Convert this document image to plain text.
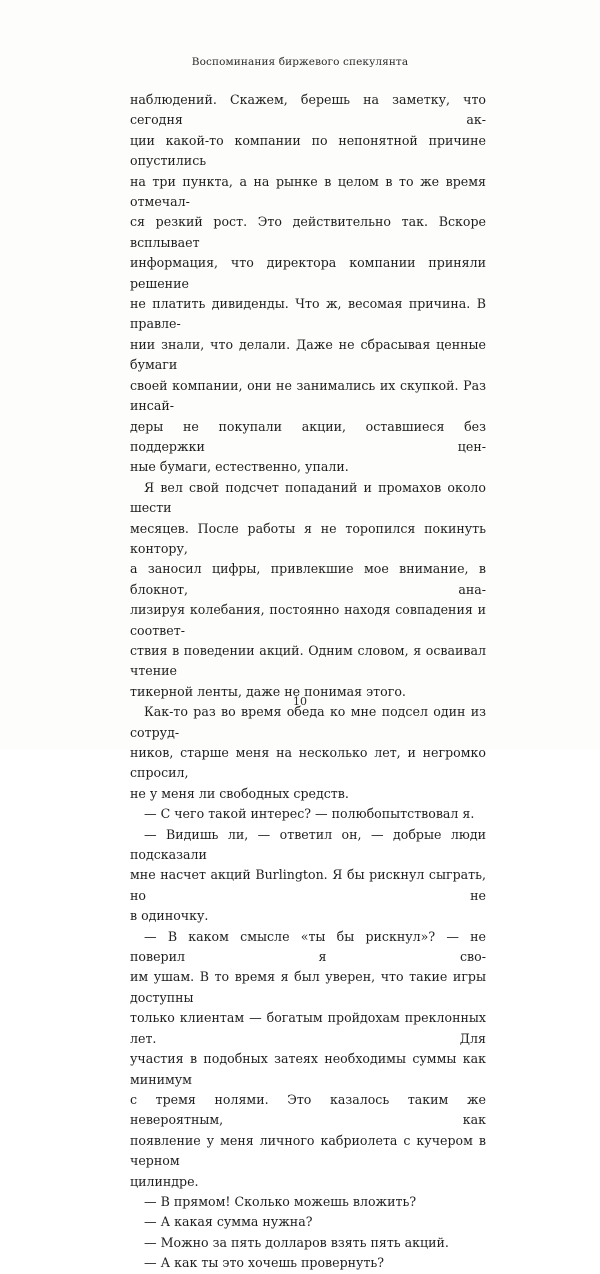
Воспоминания биржевого спекулянта

наблюдений. Скажем, берешь на заметку, что сегодня ак-

ции какой-то компании по непонятной причине опустились

на три пункта, а на рынке в целом в то же время отмечал-

ся резкий рост. Это действительно так. Вскоре всплывает

информация, что директора компании приняли решение

не платить дивиденды. Что ж, весомая причина. В правле-

нии знали, что делали. Даже не сбрасывая ценные бумаги

своей компании, они не занимались их скупкой. Раз инсай-

деры не покупали акции, оставшиеся без поддержки цен-

ные бумаги, естественно, упали.

Я вел свой подсчет попаданий и промахов около шести

месяцев. После работы я не торопился покинуть контору,

а заносил цифры, привлекшие мое внимание, в блокнот, ана-

лизируя колебания, постоянно находя совпадения и соответ-

ствия в поведении акций. Одним словом, я осваивал чтение

тикерной ленты, даже не понимая этого.

Как-то раз во время обеда ко мне подсел один из сотруд-

ников, старше меня на несколько лет, и негромко спросил,

не у меня ли свободных средств.

— С чего такой интерес? — полюбопытствовал я.

— Видишь ли, — ответил он, — добрые люди подсказали

мне насчет акций Burlington. Я бы рискнул сыграть, но не

в одиночку.

— В каком смысле «ты бы рискнул»? — не поверил я сво-

им ушам. В то время я был уверен, что такие игры доступны

только клиентам — богатым пройдохам преклонных лет. Для

участия в подобных затеях необходимы суммы как минимум

с тремя нолями. Это казалось таким же невероятным, как

появление у меня личного кабриолета с кучером в черном

цилиндре.

— В прямом! Сколько можешь вложить?

— А какая сумма нужна?

— Можно за пять долларов взять пять акций.

— А как ты это хочешь провернуть?

10
